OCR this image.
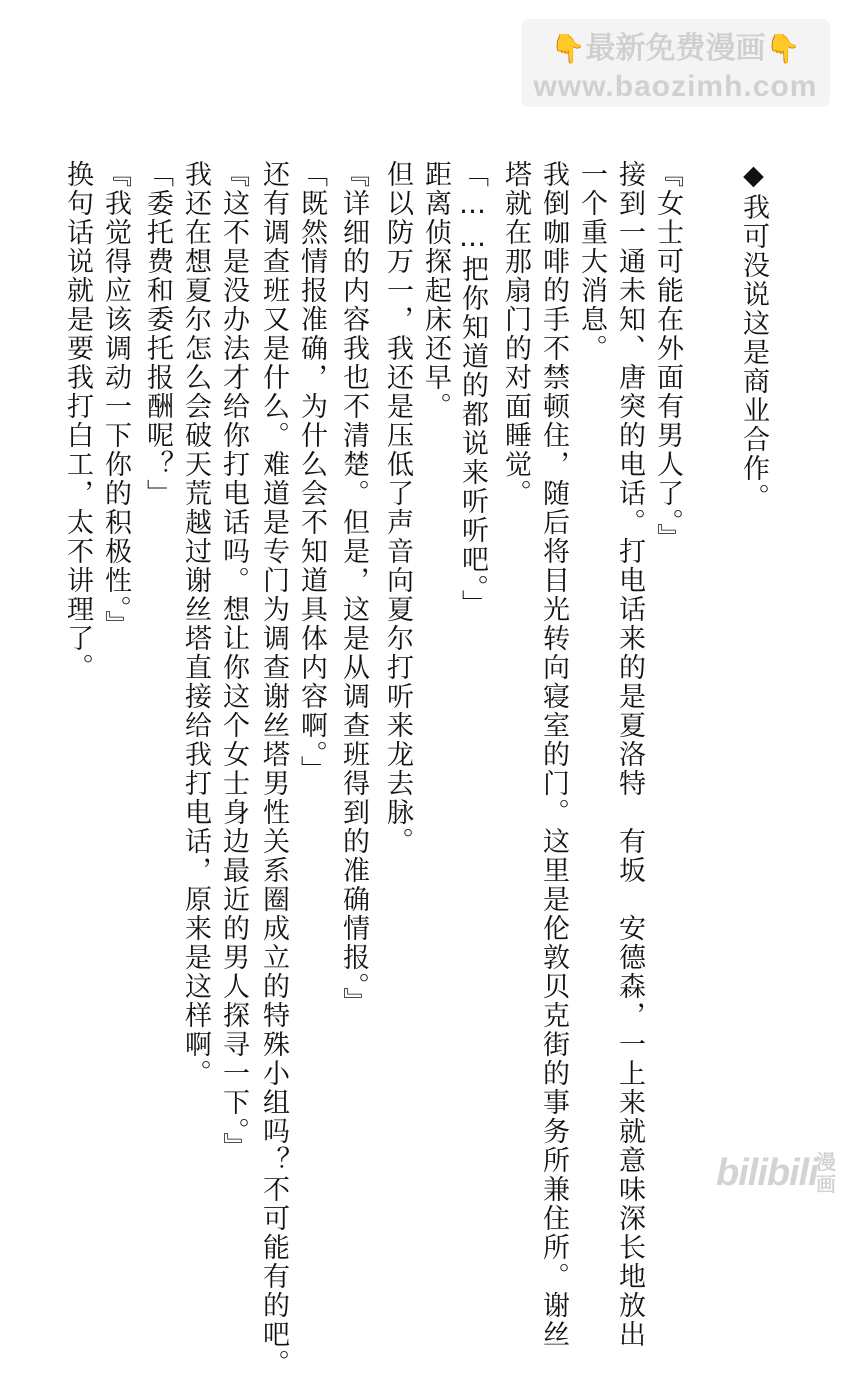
👇最新免费漫画👇
www.baozimh.com
◆我可没说这是商业合作。
『女士可能在外面有男人了。』
接到一通未知、唐突的电话。打电话来的是夏洛特　有坂　安德森，一上来就意味深长地放出
一个重大消息。
我倒咖啡的手不禁顿住，随后将目光转向寝室的门。这里是伦敦贝克街的事务所兼住所。谢丝
塔就在那扇门的对面睡觉。
「……把你知道的都说来听听吧。」
距离侦探起床还早。
但以防万一，我还是压低了声音向夏尔打听来龙去脉。
『详细的内容我也不清楚。但是，这是从调查班得到的准确情报。』
「既然情报准确，为什么会不知道具体内容啊。」
还有调查班又是什么。难道是专门为调查谢丝塔男性关系圈成立的特殊小组吗？不可能有的吧。
『这不是没办法才给你打电话吗。想让你这个女士身边最近的男人探寻一下。』
我还在想夏尔怎么会破天荒越过谢丝塔直接给我打电话，原来是这样啊。
「委托费和委托报酬呢？」
『我觉得应该调动一下你的积极性。』
换句话说就是要我打白工，太不讲理了。
bilibili
漫画
